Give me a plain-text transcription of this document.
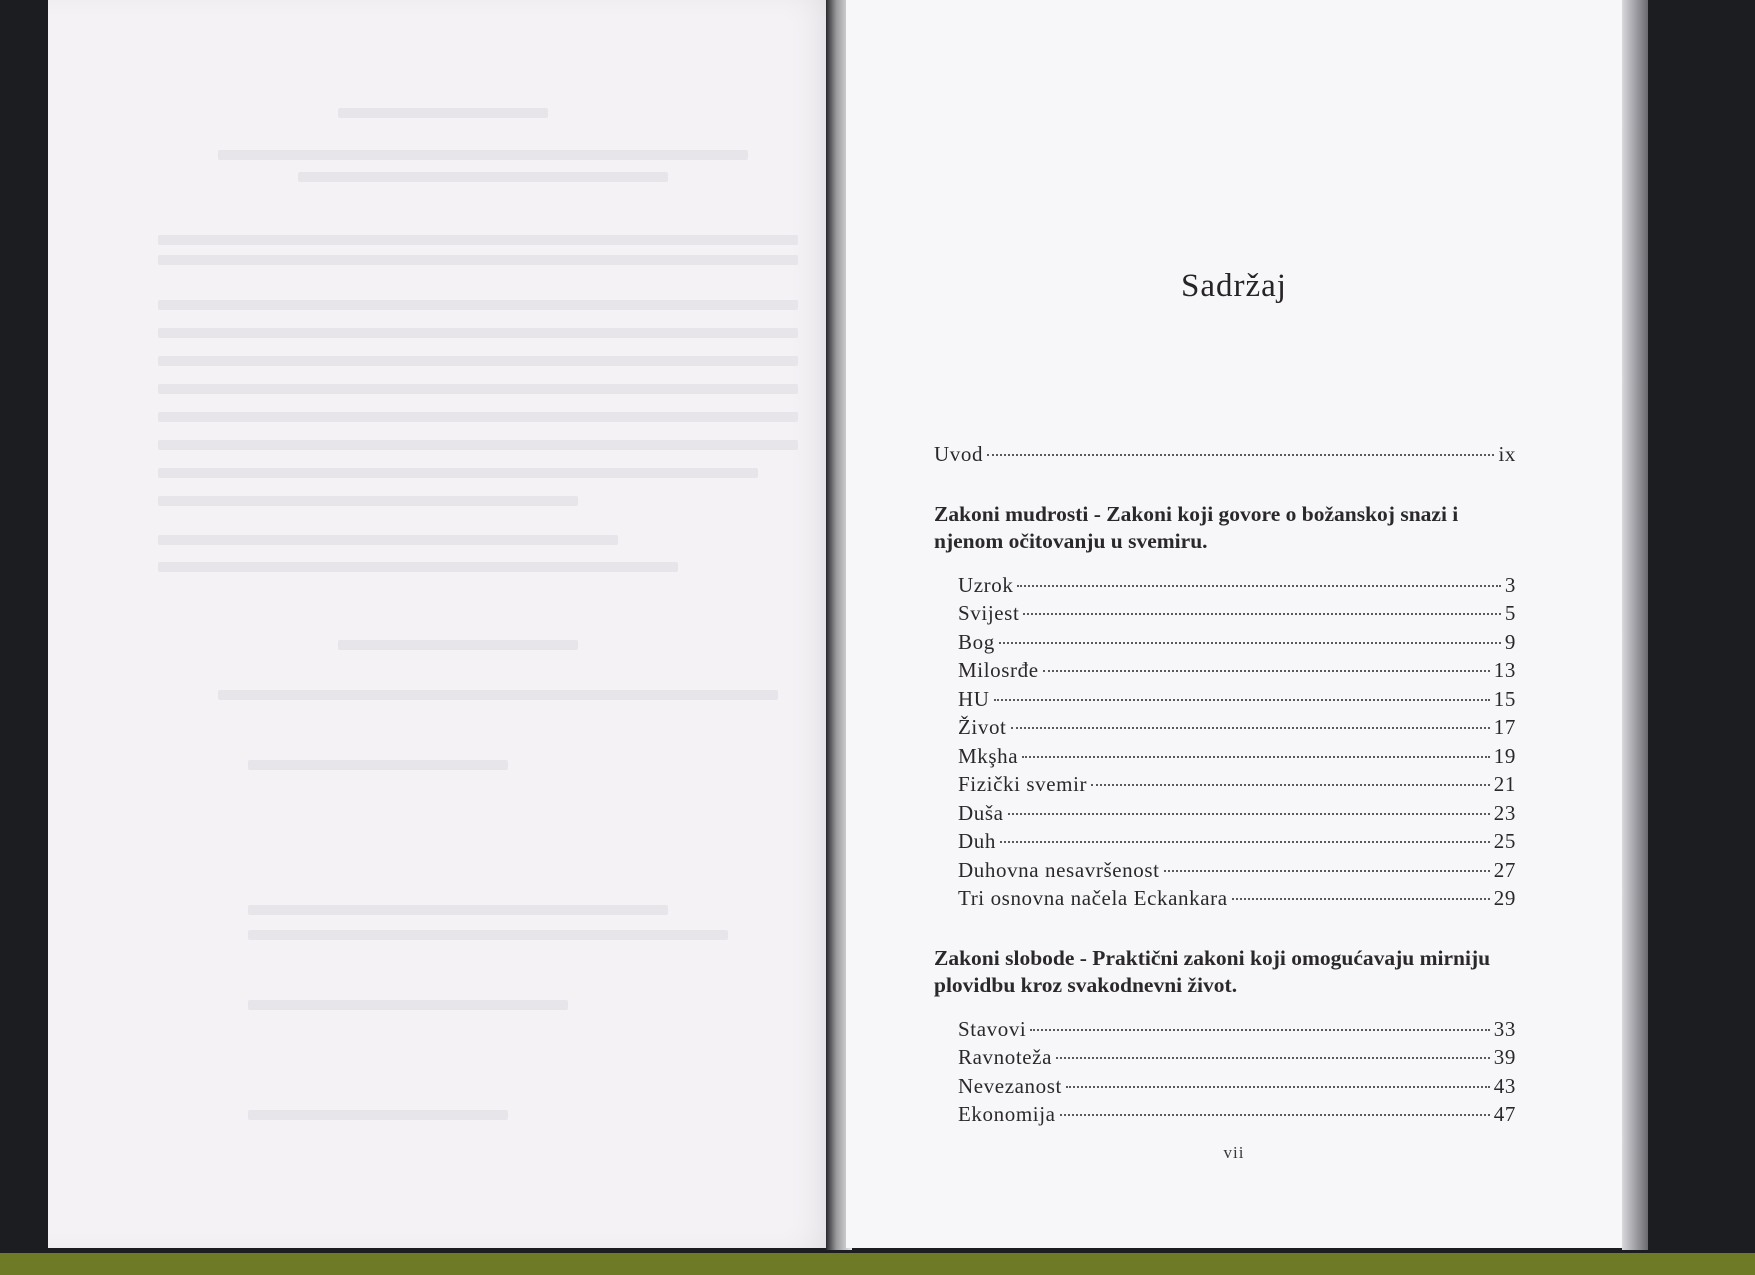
Sadržaj
Uvod	ix
Zakoni mudrosti - Zakoni koji govore o božanskoj snazi i njenom očitovanju u svemiru.
Uzrok	3
Svijest	5
Bog	9
Milosrđe	13
HU	15
Život	17
Mkşha	19
Fizički svemir	21
Duša	23
Duh	25
Duhovna nesavršenost	27
Tri osnovna načela Eckankara	29
Zakoni slobode - Praktični zakoni koji omogućavaju mirniju plovidbu kroz svakodnevni život.
Stavovi	33
Ravnoteža	39
Nevezanost	43
Ekonomija	47
vii
